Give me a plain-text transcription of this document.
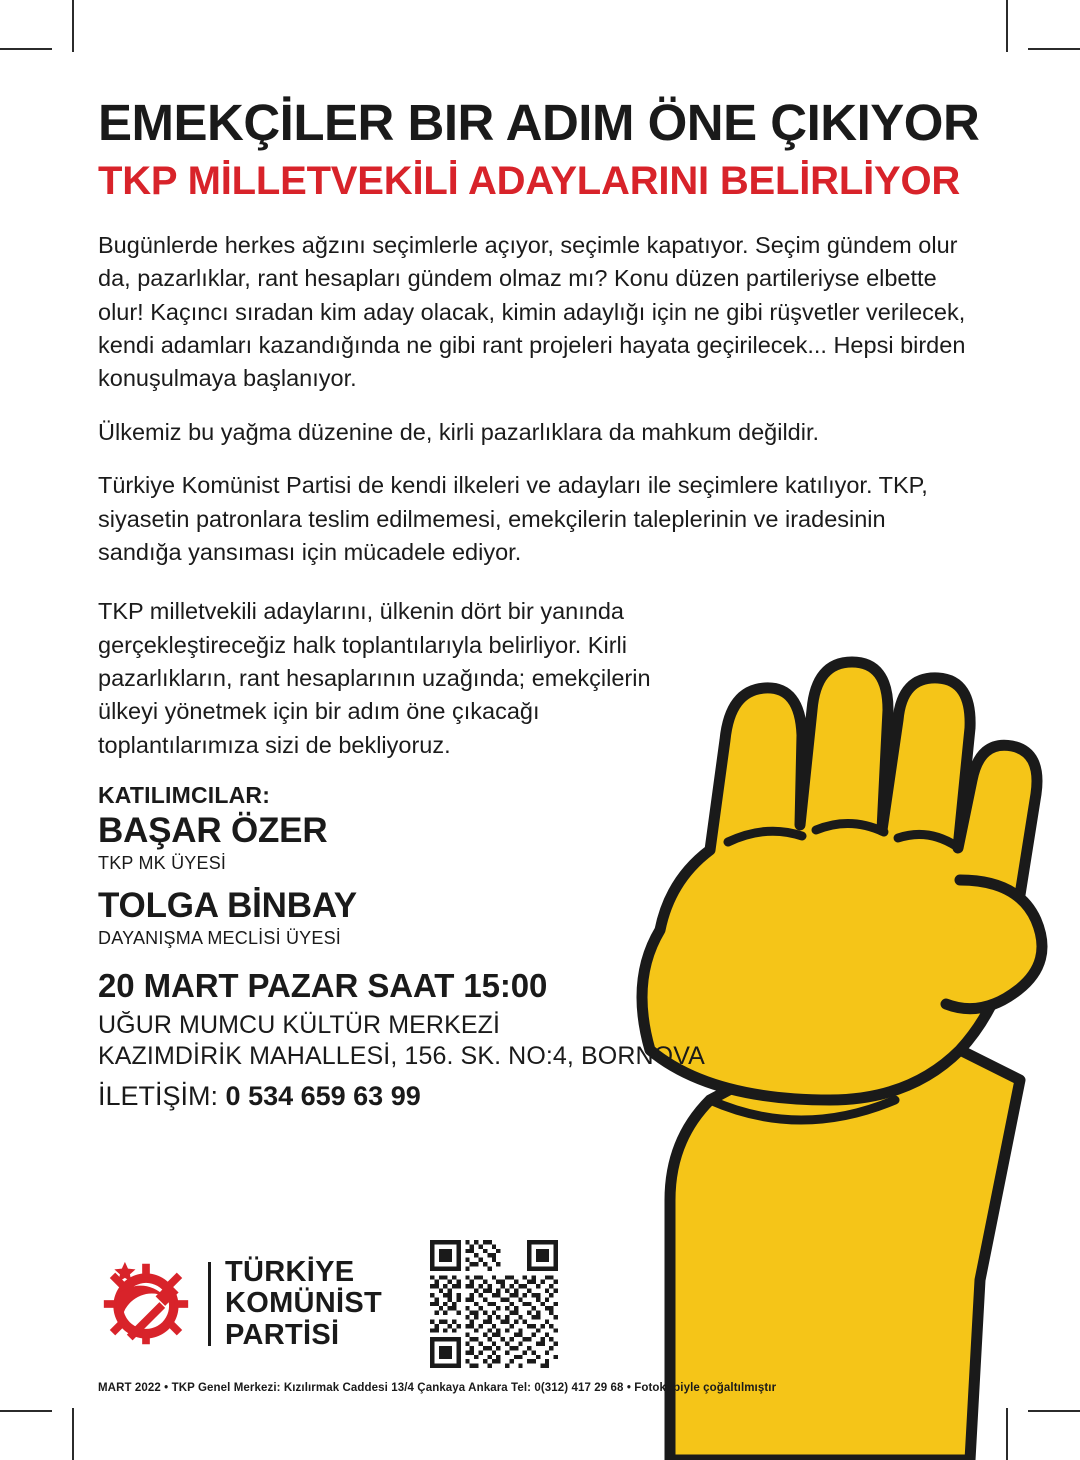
EMEKÇİLER BIR ADIM ÖNE ÇIKIYOR
TKP MİLLETVEKİLİ ADAYLARINI BELİRLİYOR

Bugünlerde herkes ağzını seçimlerle açıyor, seçimle kapatıyor. Seçim gündem olur da, pazarlıklar, rant hesapları gündem olmaz mı? Konu düzen partileriyse elbette olur! Kaçıncı sıradan kim aday olacak, kimin adaylığı için ne gibi rüşvetler verilecek, kendi adamları kazandığında ne gibi rant projeleri hayata geçirilecek... Hepsi birden konuşulmaya başlanıyor.

Ülkemiz bu yağma düzenine de, kirli pazarlıklara da mahkum değildir.

Türkiye Komünist Partisi de kendi ilkeleri ve adayları ile seçimlere katılıyor. TKP, siyasetin patronlara teslim edilmemesi, emekçilerin taleplerinin ve iradesinin sandığa yansıması için mücadele ediyor.

TKP milletvekili adaylarını, ülkenin dört bir yanında gerçekleştireceğiz halk toplantılarıyla belirliyor. Kirli pazarlıkların, rant hesaplarının uzağında; emekçilerin ülkeyi yönetmek için bir adım öne çıkacağı toplantılarımıza sizi de bekliyoruz.

KATILIMCILAR:
BAŞAR ÖZER
TKP MK ÜYESİ
TOLGA BİNBAY
DAYANIŞMA MECLİSİ ÜYESİ
20 MART PAZAR SAAT 15:00
UĞUR MUMCU KÜLTÜR MERKEZİ
KAZIMDİRİK MAHALLESİ, 156. SK. NO:4, BORNOVA
İLETİŞİM: 0 534 659 63 99
TÜRKİYE
KOMÜNİST
PARTİSİ
MART 2022 • TKP Genel Merkezi: Kızılırmak Caddesi 13/4 Çankaya Ankara Tel: 0(312) 417 29 68 • Fotokopiyle çoğaltılmıştır
